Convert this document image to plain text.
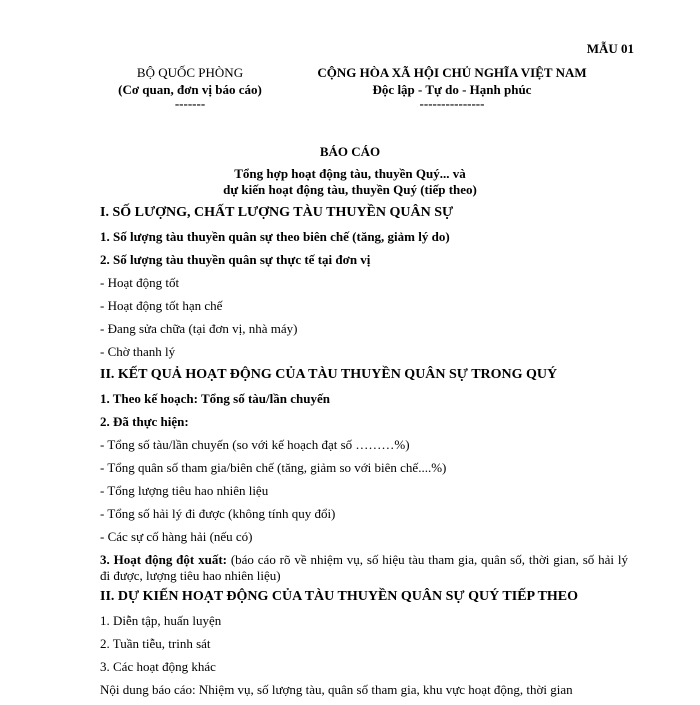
MẪU 01
BỘ QUỐC PHÒNG
(Cơ quan, đơn vị báo cáo)
-------
CỘNG HÒA XÃ HỘI CHỦ NGHĨA VIỆT NAM
Độc lập - Tự do - Hạnh phúc
---------------
BÁO CÁO
Tổng hợp hoạt động tàu, thuyền Quý... và
dự kiến hoạt động tàu, thuyền Quý (tiếp theo)
I. SỐ LƯỢNG, CHẤT LƯỢNG TÀU THUYỀN QUÂN SỰ
1. Số lượng tàu thuyền quân sự theo biên chế (tăng, giảm lý do)
2. Số lượng tàu thuyền quân sự thực tế tại đơn vị
- Hoạt động tốt
- Hoạt động tốt hạn chế
- Đang sửa chữa (tại đơn vị, nhà máy)
- Chờ thanh lý
II. KẾT QUẢ HOẠT ĐỘNG CỦA TÀU THUYỀN QUÂN SỰ TRONG QUÝ
1. Theo kế hoạch: Tổng số tàu/lần chuyến
2. Đã thực hiện:
- Tổng số tàu/lần chuyến (so với kế hoạch đạt số ………%)
- Tổng quân số tham gia/biên chế (tăng, giảm so với biên chế....%)
- Tổng lượng tiêu hao nhiên liệu
- Tổng số hải lý đi được (không tính quy đổi)
- Các sự cố hàng hải (nếu có)
3. Hoạt động đột xuất: (báo cáo rõ về nhiệm vụ, số hiệu tàu tham gia, quân số, thời gian, số hải lý đi được, lượng tiêu hao nhiên liệu)
II. DỰ KIẾN HOẠT ĐỘNG CỦA TÀU THUYỀN QUÂN SỰ QUÝ TIẾP THEO
1. Diễn tập, huấn luyện
2. Tuần tiễu, trinh sát
3. Các hoạt động khác
Nội dung báo cáo: Nhiệm vụ, số lượng tàu, quân số tham gia, khu vực hoạt động, thời gian
